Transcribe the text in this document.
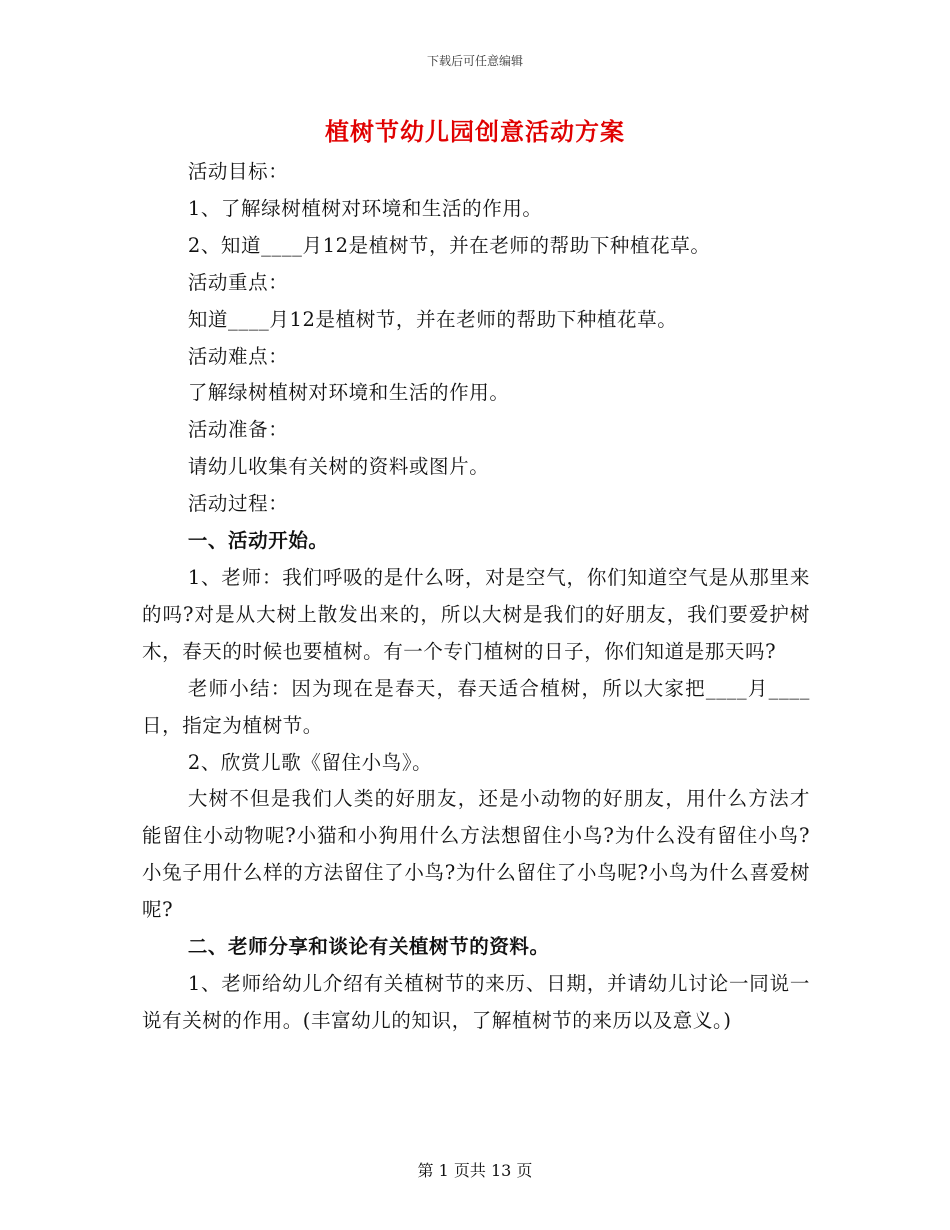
下载后可任意编辑
植树节幼儿园创意活动方案

活动目标：

1、了解绿树植树对环境和生活的作用。

2、知道____月12是植树节，并在老师的帮助下种植花草。

活动重点：

知道____月12是植树节，并在老师的帮助下种植花草。

活动难点：

了解绿树植树对环境和生活的作用。

活动准备：

请幼儿收集有关树的资料或图片。

活动过程：

一、活动开始。

1、老师：我们呼吸的是什么呀，对是空气，你们知道空气是从那里来的吗?对是从大树上散发出来的，所以大树是我们的好朋友，我们要爱护树木，春天的时候也要植树。有一个专门植树的日子，你们知道是那天吗?

老师小结：因为现在是春天，春天适合植树，所以大家把____月____日，指定为植树节。

2、欣赏儿歌《留住小鸟》。

大树不但是我们人类的好朋友，还是小动物的好朋友，用什么方法才能留住小动物呢?小猫和小狗用什么方法想留住小鸟?为什么没有留住小鸟?小兔子用什么样的方法留住了小鸟?为什么留住了小鸟呢?小鸟为什么喜爱树呢?

二、老师分享和谈论有关植树节的资料。

1、老师给幼儿介绍有关植树节的来历、日期，并请幼儿讨论一同说一说有关树的作用。(丰富幼儿的知识，了解植树节的来历以及意义。)

第 1 页共 13 页
